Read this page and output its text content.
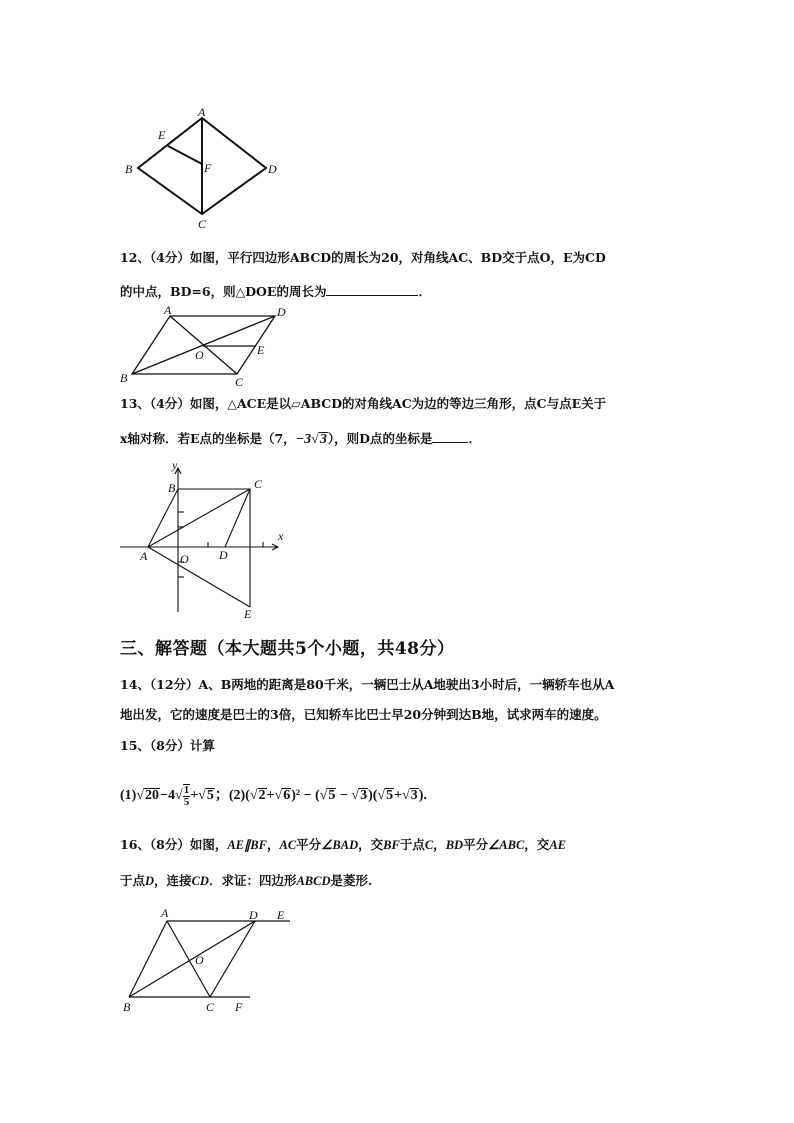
A
B
C
D
E
F
12、（4分）如图，平行四边形ABCD的周长为20，对角线AC、BD交于点O，E为CD
的中点，BD=6，则△DOE的周长为	．
A
B	C
D
E
O
13、（4分）如图，△ACE是以▱ABCD的对角线AC为边的等边三角形，点C与点E关于
x轴对称．若E点的坐标是（7，−3√3），则D点的坐标是	．
B	C
y
x
A	O	D
E
三、解答题（本大题共5个小题，共48分）
14、（12分）A、B两地的距离是80千米，一辆巴士从A地驶出3小时后，一辆轿车也从A
地出发，它的速度是巴士的3倍，已知轿车比巴士早20分钟到达B地，试求两车的速度。
15、（8分）计算
$(1)√20-4√ \frac{1}{5} +√5$；(2)(√2+√6)² − (√5 − √3)(√5+√3).
16、（8分）如图，AE∥BF，AC平分∠BAD，交BF于点C，BD平分∠ABC，交AE
于点D，连接CD．求证：四边形ABCD是菱形.
A	D E
O
B	C F
